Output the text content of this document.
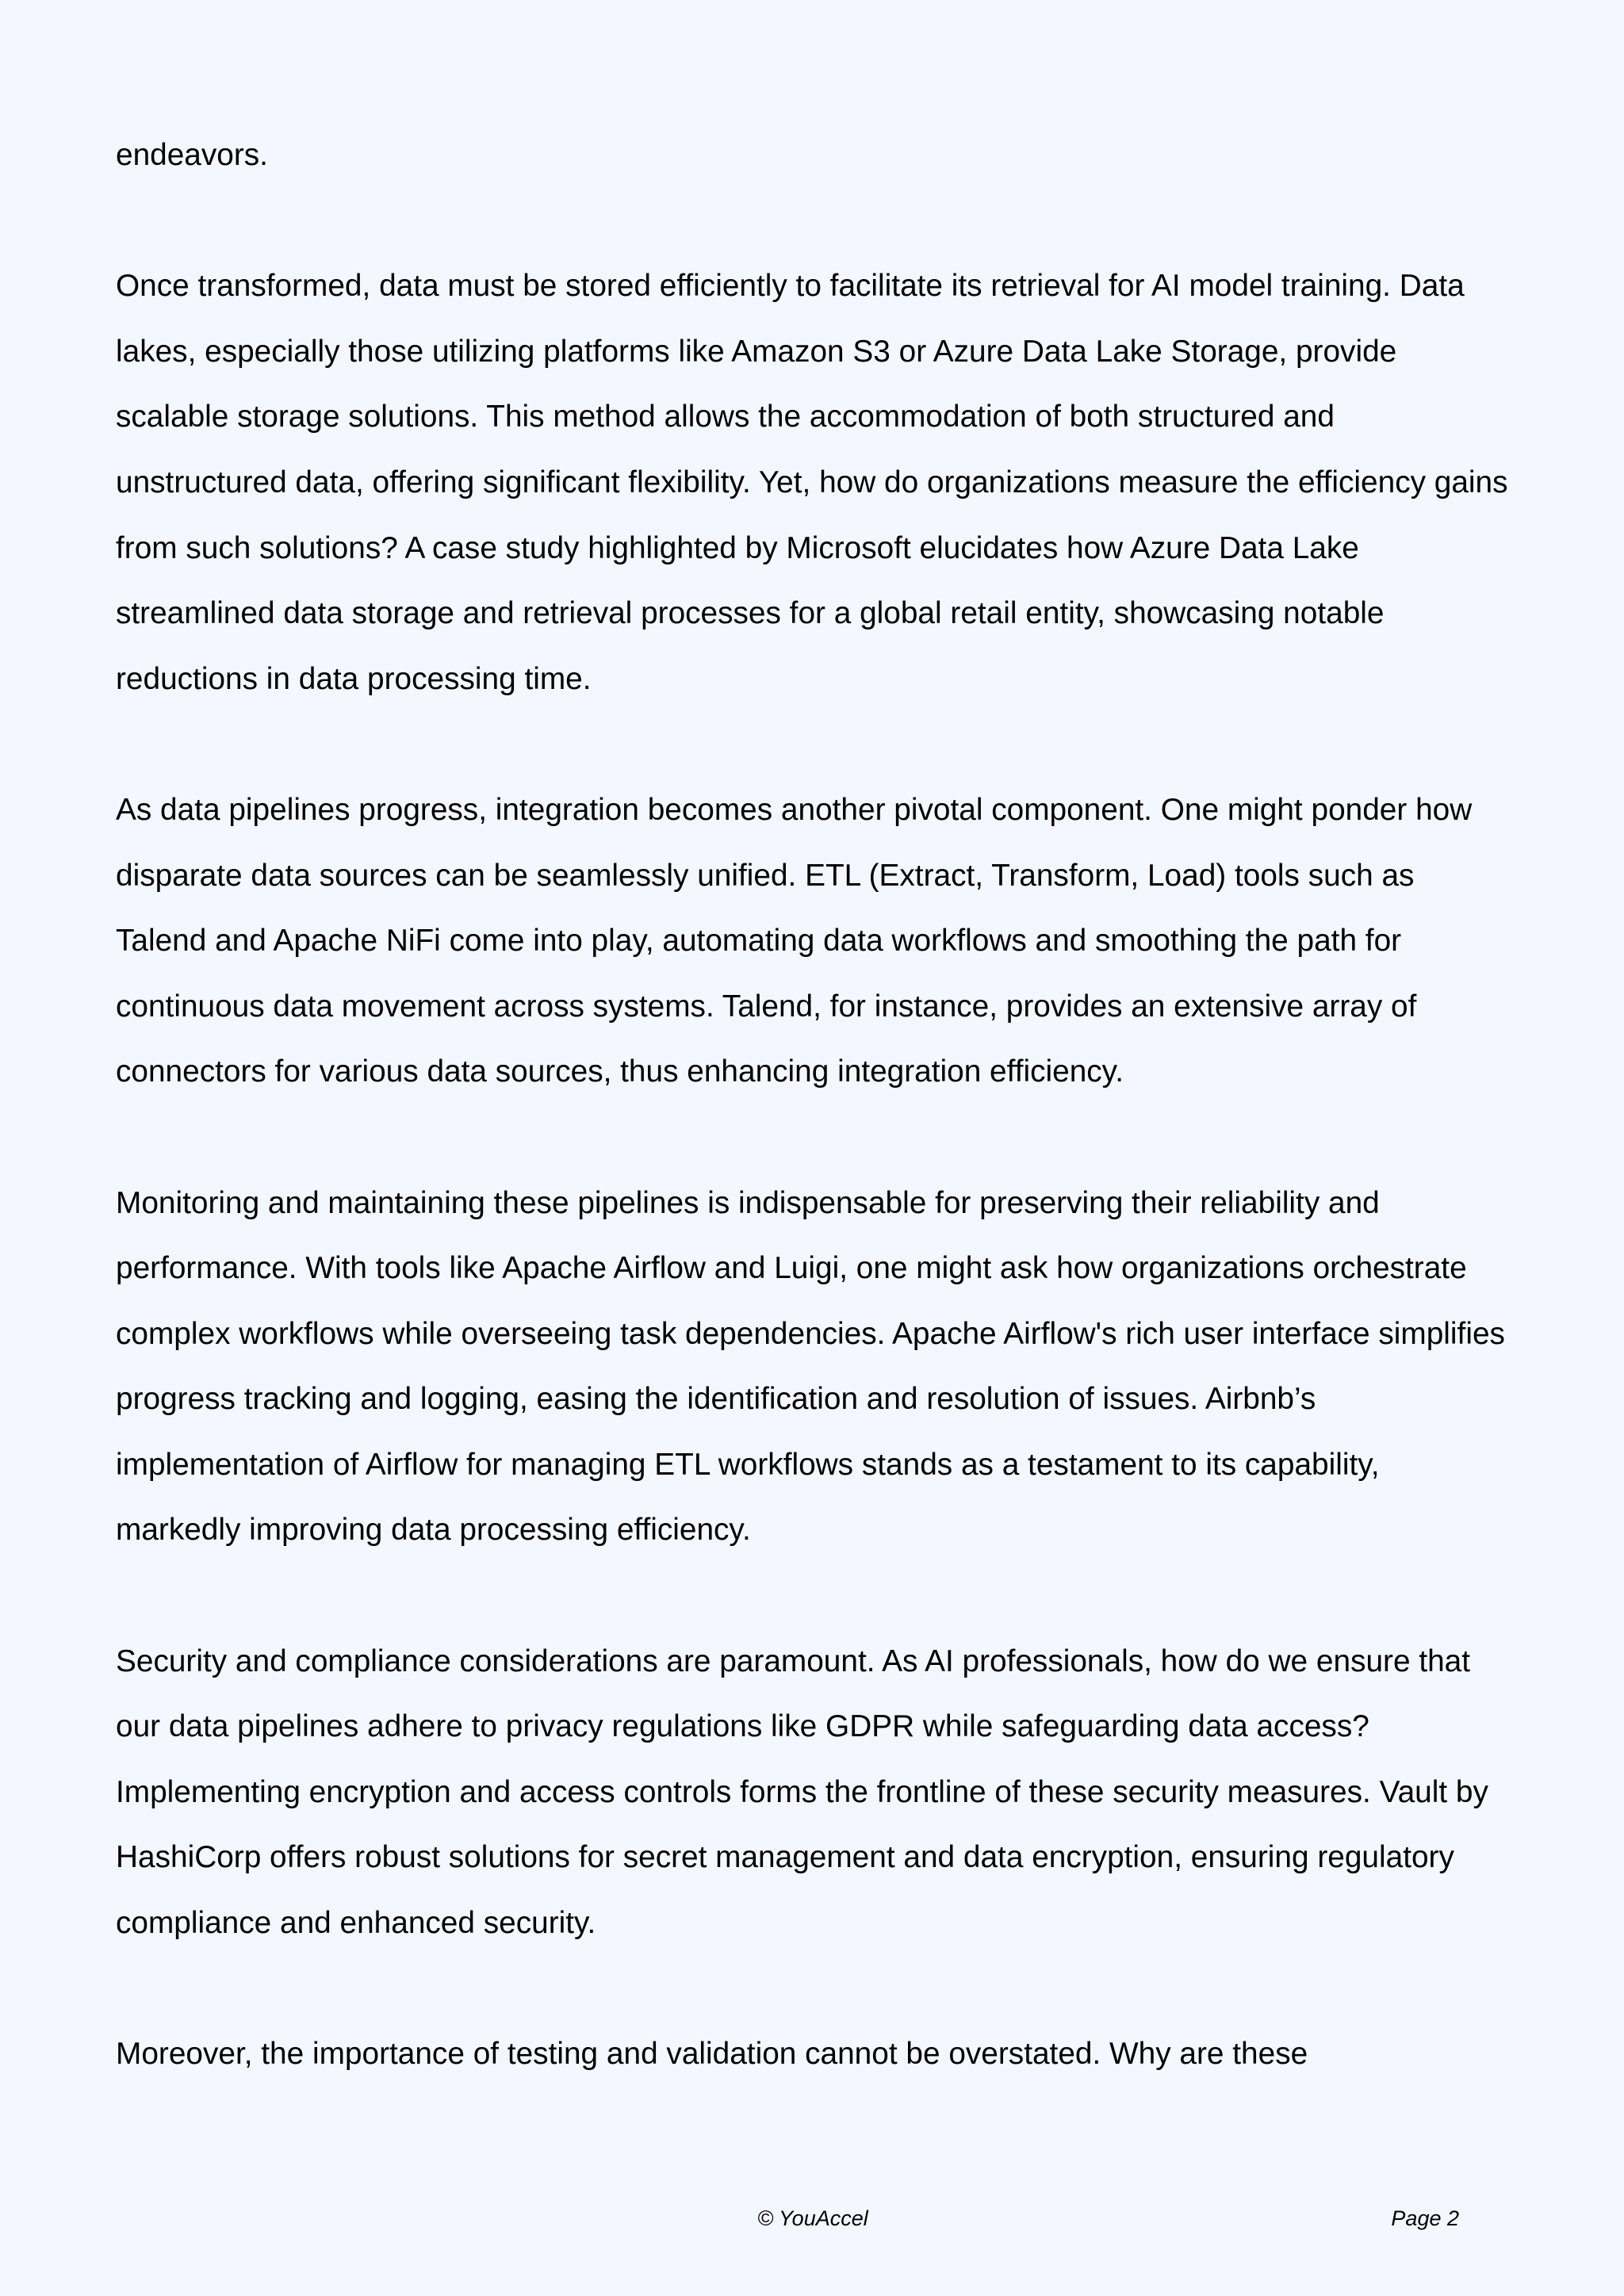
endeavors.

Once transformed, data must be stored efficiently to facilitate its retrieval for AI model training. Data lakes, especially those utilizing platforms like Amazon S3 or Azure Data Lake Storage, provide scalable storage solutions. This method allows the accommodation of both structured and unstructured data, offering significant flexibility. Yet, how do organizations measure the efficiency gains from such solutions? A case study highlighted by Microsoft elucidates how Azure Data Lake streamlined data storage and retrieval processes for a global retail entity, showcasing notable reductions in data processing time.

As data pipelines progress, integration becomes another pivotal component. One might ponder how disparate data sources can be seamlessly unified. ETL (Extract, Transform, Load) tools such as Talend and Apache NiFi come into play, automating data workflows and smoothing the path for continuous data movement across systems. Talend, for instance, provides an extensive array of connectors for various data sources, thus enhancing integration efficiency.

Monitoring and maintaining these pipelines is indispensable for preserving their reliability and performance. With tools like Apache Airflow and Luigi, one might ask how organizations orchestrate complex workflows while overseeing task dependencies. Apache Airflow's rich user interface simplifies progress tracking and logging, easing the identification and resolution of issues. Airbnb’s implementation of Airflow for managing ETL workflows stands as a testament to its capability, markedly improving data processing efficiency.

Security and compliance considerations are paramount. As AI professionals, how do we ensure that our data pipelines adhere to privacy regulations like GDPR while safeguarding data access? Implementing encryption and access controls forms the frontline of these security measures. Vault by HashiCorp offers robust solutions for secret management and data encryption, ensuring regulatory compliance and enhanced security.

Moreover, the importance of testing and validation cannot be overstated. Why are these

© YouAccel	Page 2
